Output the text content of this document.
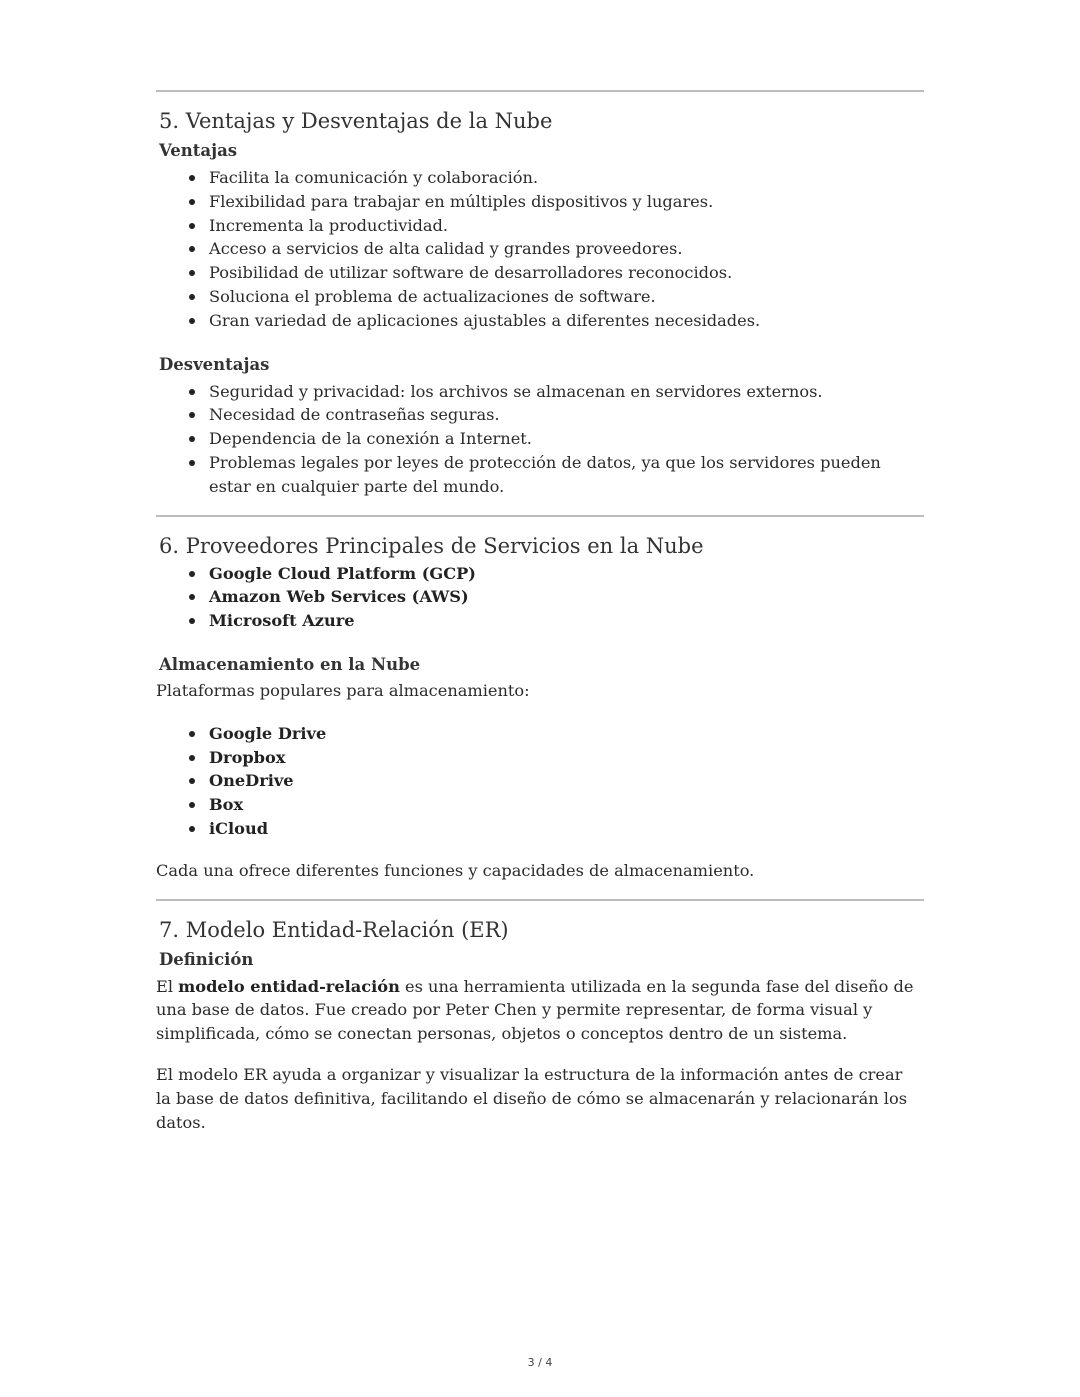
5. Ventajas y Desventajas de la Nube
Ventajas
Facilita la comunicación y colaboración.
Flexibilidad para trabajar en múltiples dispositivos y lugares.
Incrementa la productividad.
Acceso a servicios de alta calidad y grandes proveedores.
Posibilidad de utilizar software de desarrolladores reconocidos.
Soluciona el problema de actualizaciones de software.
Gran variedad de aplicaciones ajustables a diferentes necesidades.
Desventajas
Seguridad y privacidad: los archivos se almacenan en servidores externos.
Necesidad de contraseñas seguras.
Dependencia de la conexión a Internet.
Problemas legales por leyes de protección de datos, ya que los servidores pueden estar en cualquier parte del mundo.
6. Proveedores Principales de Servicios en la Nube
Google Cloud Platform (GCP)
Amazon Web Services (AWS)
Microsoft Azure
Almacenamiento en la Nube

Plataformas populares para almacenamiento:

Google Drive
Dropbox
OneDrive
Box
iCloud

Cada una ofrece diferentes funciones y capacidades de almacenamiento.

7. Modelo Entidad-Relación (ER)
Definición

El modelo entidad-relación es una herramienta utilizada en la segunda fase del diseño de una base de datos. Fue creado por Peter Chen y permite representar, de forma visual y simplificada, cómo se conectan personas, objetos o conceptos dentro de un sistema.

El modelo ER ayuda a organizar y visualizar la estructura de la información antes de crear la base de datos definitiva, facilitando el diseño de cómo se almacenarán y relacionarán los datos.

3 / 4
